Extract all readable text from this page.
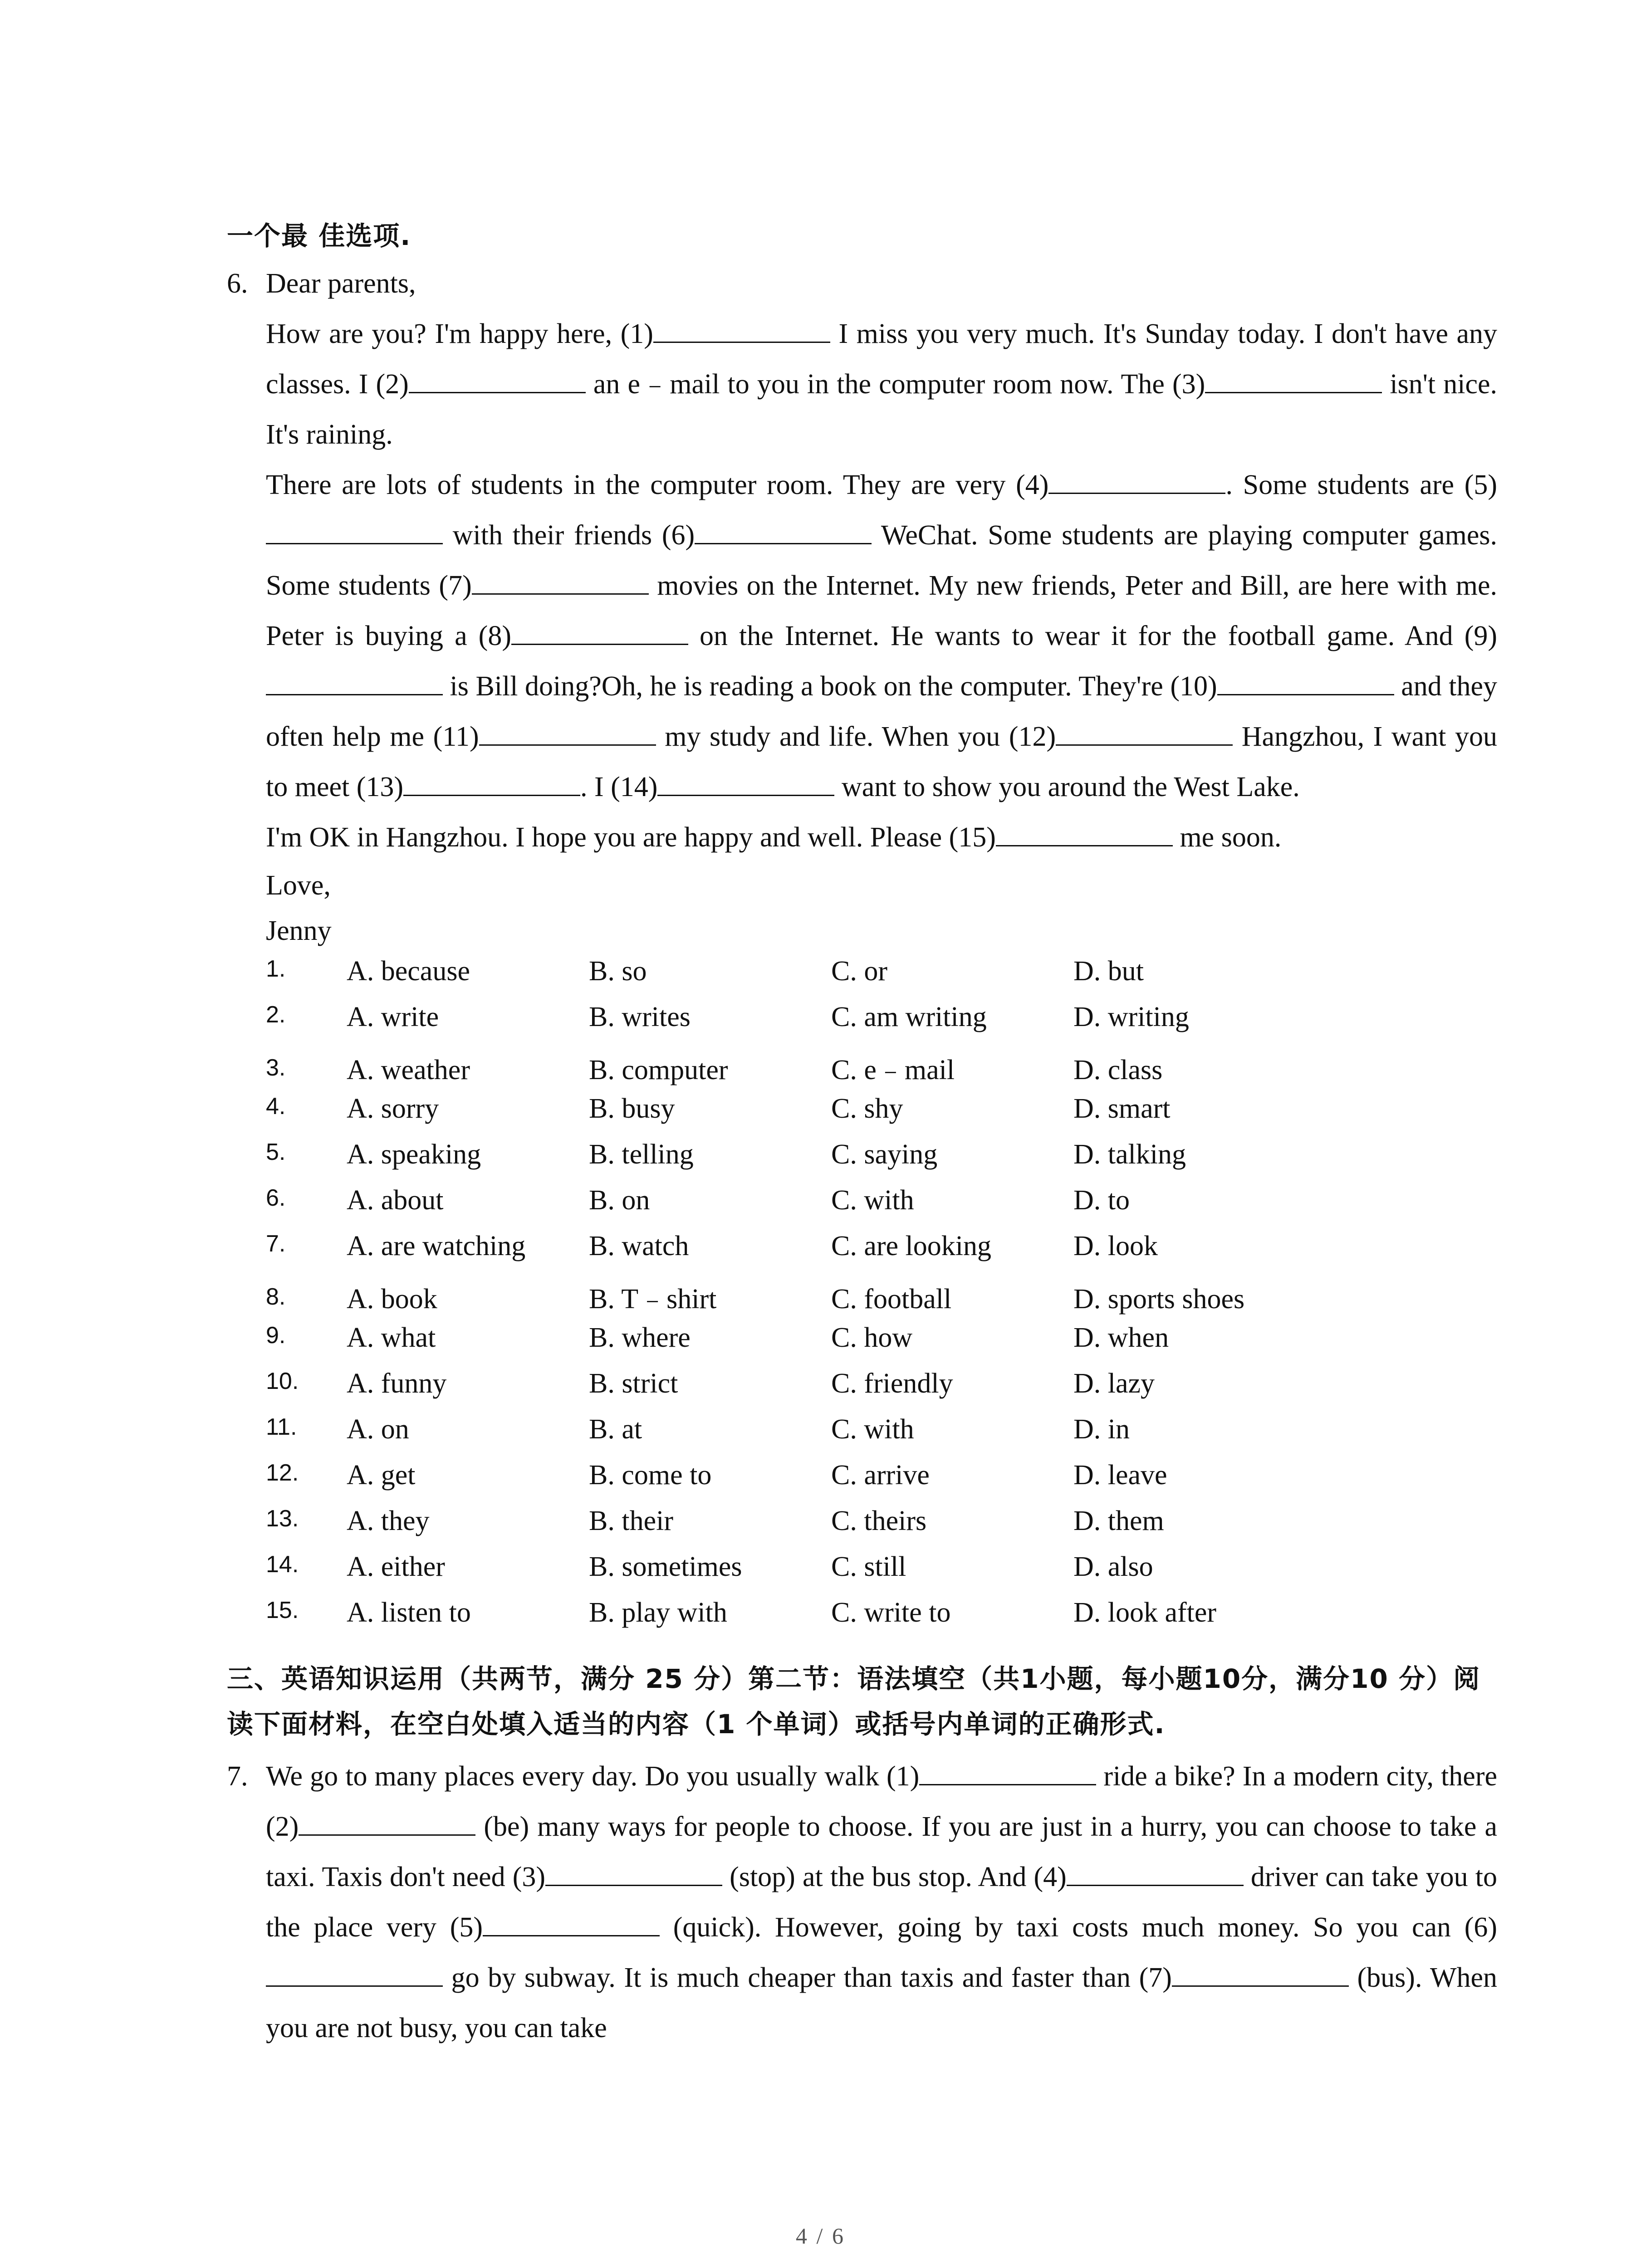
一个最 佳选项.
6. Dear parents,

How are you? I'm happy here, (1)	I miss you very much. It's Sunday today. I don't have any classes. I (2)	an e﹣mail to you in the computer room now. The (3)	isn't nice. It's raining.

There are lots of students in the computer room. They are very (4)	. Some students are (5) with their friends (6)	WeChat. Some students are playing computer games. Some students (7)	movies on the Internet. My new friends, Peter and Bill, are here with me. Peter is buying a (8)	on the Internet. He wants to wear it for the football game. And (9) is Bill doing?Oh, he is reading a book on the computer. They're (10)	and they often help me (11)	my study and life. When you (12)	Hangzhou, I want you to meet (13)	. I (14)	want to show you around the West Lake.

I'm OK in Hangzhou. I hope you are happy and well. Please (15)	me soon.

Love,
Jenny
1.	A. because	B. so	C. or	D. but
2.	A. write	B. writes	C. am writing	D. writing
3.	A. weather	B. computer	C. e﹣mail	D. class
4.	A. sorry	B. busy	C. shy	D. smart
5.	A. speaking	B. telling	C. saying	D. talking
6.	A. about	B. on	C. with	D. to
7.	A. are watching	B. watch	C. are looking	D. look
8.	A. book	B. T﹣shirt	C. football	D. sports shoes
9.	A. what	B. where	C. how	D. when
10.	A. funny	B. strict	C. friendly	D. lazy
11.	A. on	B. at	C. with	D. in
12.	A. get	B. come to	C. arrive	D. leave
13.	A. they	B. their	C. theirs	D. them
14.	A. either	B. sometimes	C. still	D. also
15.	A. listen to	B. play with	C. write to	D. look after
三、英语知识运用（共两节，满分 25 分）第二节：语法填空（共1小题，每小题10分，满分10 分）阅读下面材料，在空白处填入适当的内容（1 个单词）或括号内单词的正确形式.
7. We go to many places every day. Do you usually walk (1)	ride a bike? In a modern city, there (2)	(be) many ways for people to choose. If you are just in a hurry, you can choose to take a taxi. Taxis don't need (3)	(stop) at the bus stop. And (4)	driver can take you to the place very (5)	(quick). However, going by taxi costs much money. So you can (6) go by subway. It is much cheaper than taxis and faster than (7)	(bus). When you are not busy, you can take
4 / 6
